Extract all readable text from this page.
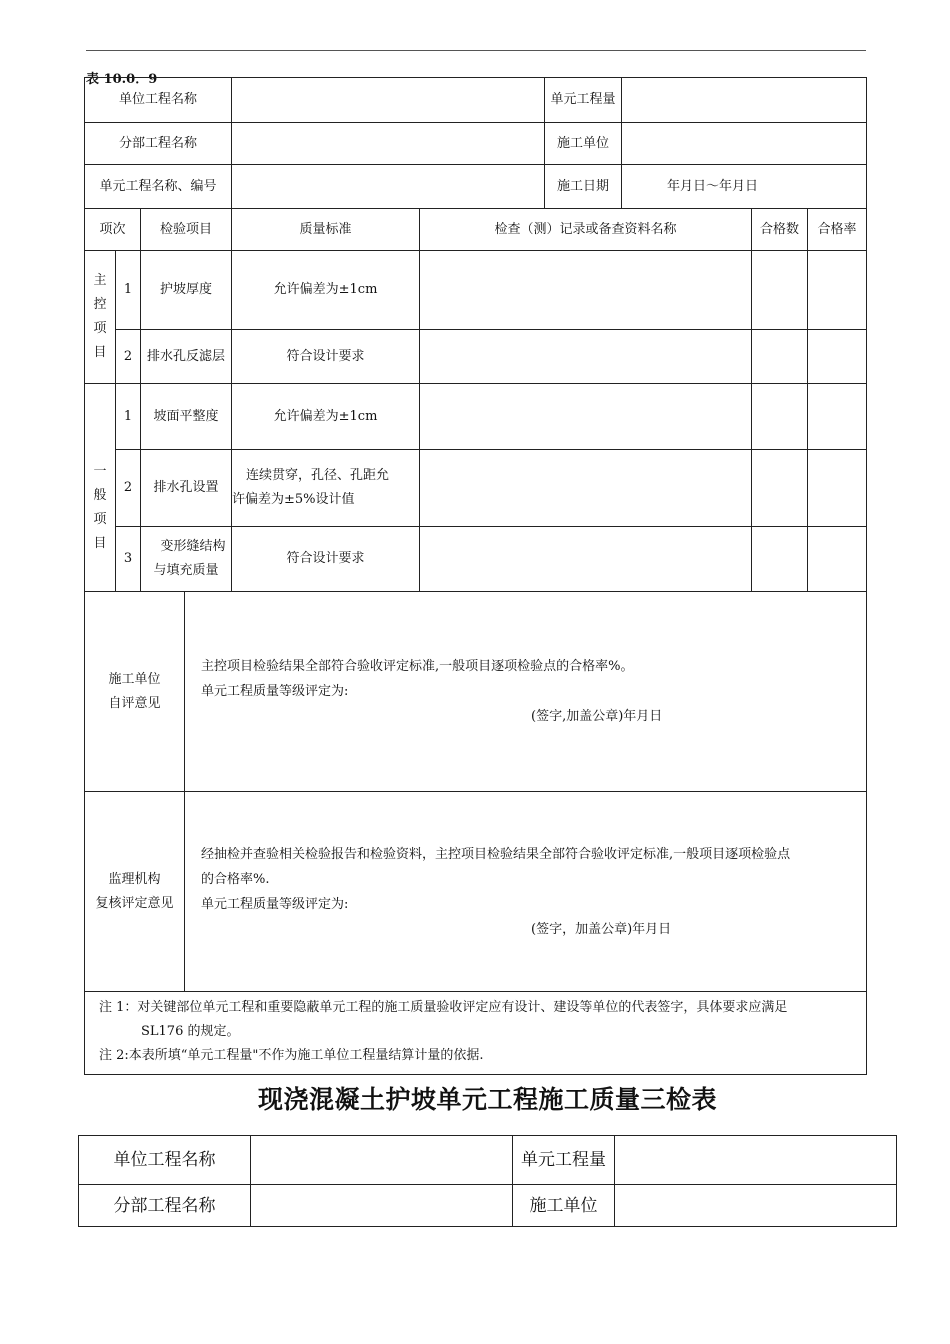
表 10.0．9
单位工程名称						单元工程量			
分部工程名称						施工单位			
单元工程名称、编号						施工日期	年月日～年月日		
项次		检验项目		质量标准	检查（测）记录或备查资料名称			合格数	合格率
主
控
项
目	1	护坡厚度		允许偏差为±1cm					
	2	排水孔反滤层		符合设计要求					
一
般
项
目	1	坡面平整度		允许偏差为±1cm					
	2	排水孔设置		连续贯穿，孔径、孔距允
许偏差为±5%设计值					
	3	变形缝结构
与填充质量		符合设计要求					
施工单位
自评意见			主控项目检验结果全部符合验收评定标准,一般项目逐项检验点的合格率%。
单元工程质量等级评定为:

(签字,加盖公章)年月日						

监理机构
复核评定意见			经抽检并查验相关检验报告和检验资料，主控项目检验结果全部符合验收评定标准,一般项目逐项检验点
的合格率%.
单元工程质量等级评定为:

(签字，加盖公章)年月日						

注 1：对关键部位单元工程和重要隐蔽单元工程的施工质量验收评定应有设计、建设等单位的代表签字，具体要求应满足
SL176 的规定。
注 2:本表所填“单元工程量"不作为施工单位工程量结算计量的依据.									
现浇混凝土护坡单元工程施工质量三检表
单位工程名称		单元工程量	
分部工程名称		施工单位	
